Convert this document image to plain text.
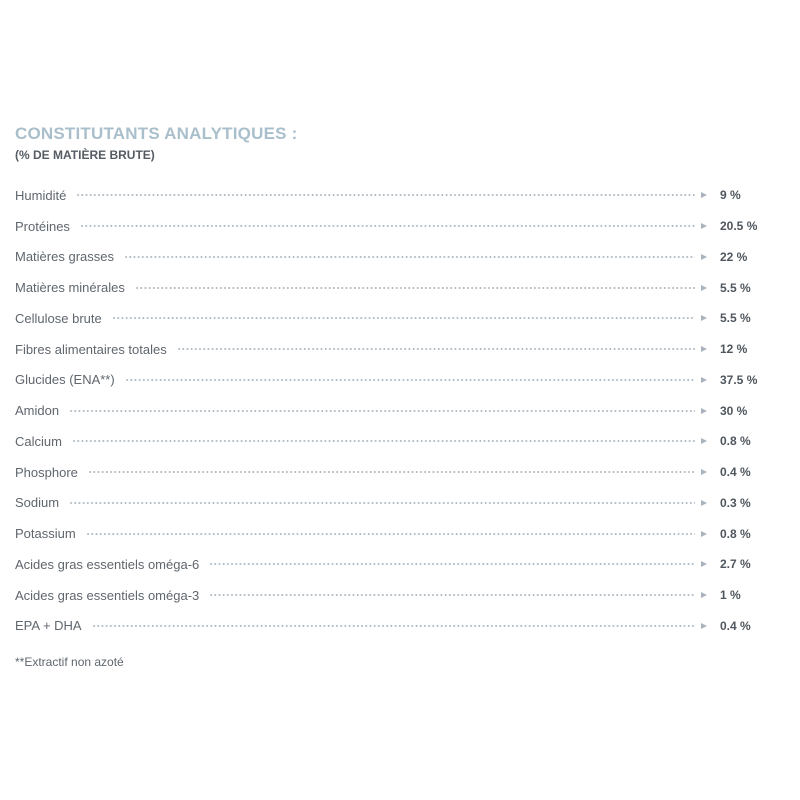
CONSTITUTANTS ANALYTIQUES :
(% DE MATIÈRE BRUTE)
Humidité	9 %
Protéines	20.5 %
Matières grasses	22 %
Matières minérales	5.5 %
Cellulose brute	5.5 %
Fibres alimentaires totales	12 %
Glucides (ENA**)	37.5 %
Amidon	30 %
Calcium	0.8 %
Phosphore	0.4 %
Sodium	0.3 %
Potassium	0.8 %
Acides gras essentiels oméga-6	2.7 %
Acides gras essentiels oméga-3	1 %
EPA + DHA	0.4 %
**Extractif non azoté
